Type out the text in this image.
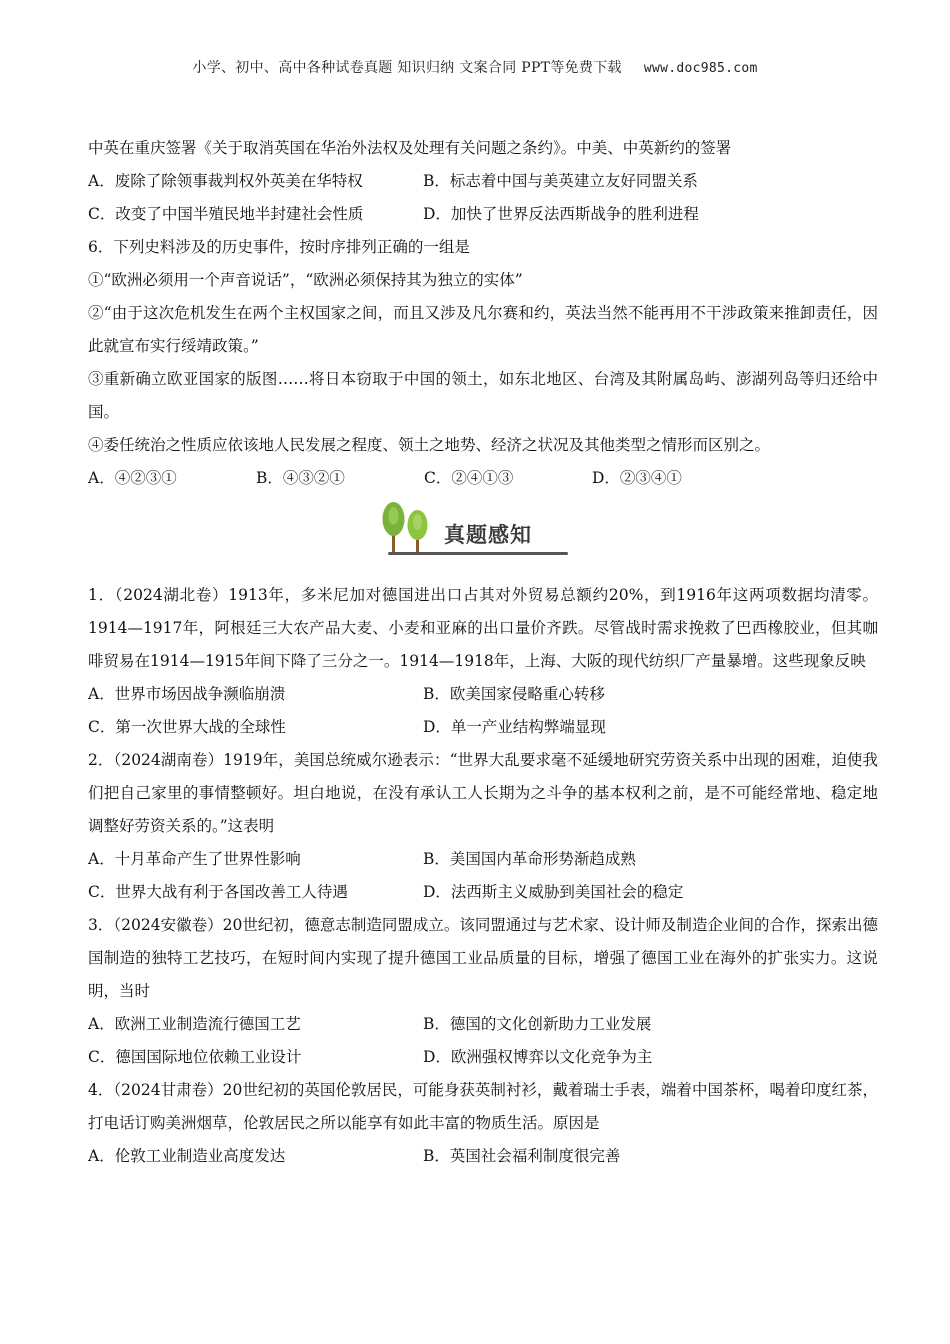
小学、初中、高中各种试卷真题 知识归纳 文案合同 PPT等免费下载 www.doc985.com
中英在重庆签署《关于取消英国在华治外法权及处理有关问题之条约》。中美、中英新约的签署
A．废除了除领事裁判权外英美在华特权	B．标志着中国与美英建立友好同盟关系
C．改变了中国半殖民地半封建社会性质	D．加快了世界反法西斯战争的胜利进程
6．下列史料涉及的历史事件，按时序排列正确的一组是
①“欧洲必须用一个声音说话”，“欧洲必须保持其为独立的实体”
②“由于这次危机发生在两个主权国家之间，而且又涉及凡尔赛和约，英法当然不能再用不干涉政策来推卸责任，因此就宣布实行绥靖政策。”
③重新确立欧亚国家的版图……将日本窃取于中国的领土，如东北地区、台湾及其附属岛屿、澎湖列岛等归还给中国。
④委任统治之性质应依该地人民发展之程度、领土之地势、经济之状况及其他类型之情形而区别之。
A．④②③①	B．④③②①	C．②④①③	D．②③④①
真题感知
1．（2024湖北卷）1913年，多米尼加对德国进出口占其对外贸易总额约20%，到1916年这两项数据均清零。1914—1917年，阿根廷三大农产品大麦、小麦和亚麻的出口量价齐跌。尽管战时需求挽救了巴西橡胶业，但其咖啡贸易在1914—1915年间下降了三分之一。1914—1918年，上海、大阪的现代纺织厂产量暴增。这些现象反映
A．世界市场因战争濒临崩溃	B．欧美国家侵略重心转移
C．第一次世界大战的全球性	D．单一产业结构弊端显现
2．（2024湖南卷）1919年，美国总统威尔逊表示：“世界大乱要求毫不延缓地研究劳资关系中出现的困难，迫使我们把自己家里的事情整顿好。坦白地说，在没有承认工人长期为之斗争的基本权利之前，是不可能经常地、稳定地调整好劳资关系的。”这表明
A．十月革命产生了世界性影响	B．美国国内革命形势渐趋成熟
C．世界大战有利于各国改善工人待遇	D．法西斯主义威胁到美国社会的稳定
3．（2024安徽卷）20世纪初，德意志制造同盟成立。该同盟通过与艺术家、设计师及制造企业间的合作，探索出德国制造的独特工艺技巧，在短时间内实现了提升德国工业品质量的目标，增强了德国工业在海外的扩张实力。这说明，当时
A．欧洲工业制造流行德国工艺	B．德国的文化创新助力工业发展
C．德国国际地位依赖工业设计	D．欧洲强权博弈以文化竞争为主
4．（2024甘肃卷）20世纪初的英国伦敦居民，可能身获英制衬衫，戴着瑞士手表，端着中国茶杯，喝着印度红茶，打电话订购美洲烟草，伦敦居民之所以能享有如此丰富的物质生活。原因是
A．伦敦工业制造业高度发达	B．英国社会福利制度很完善
